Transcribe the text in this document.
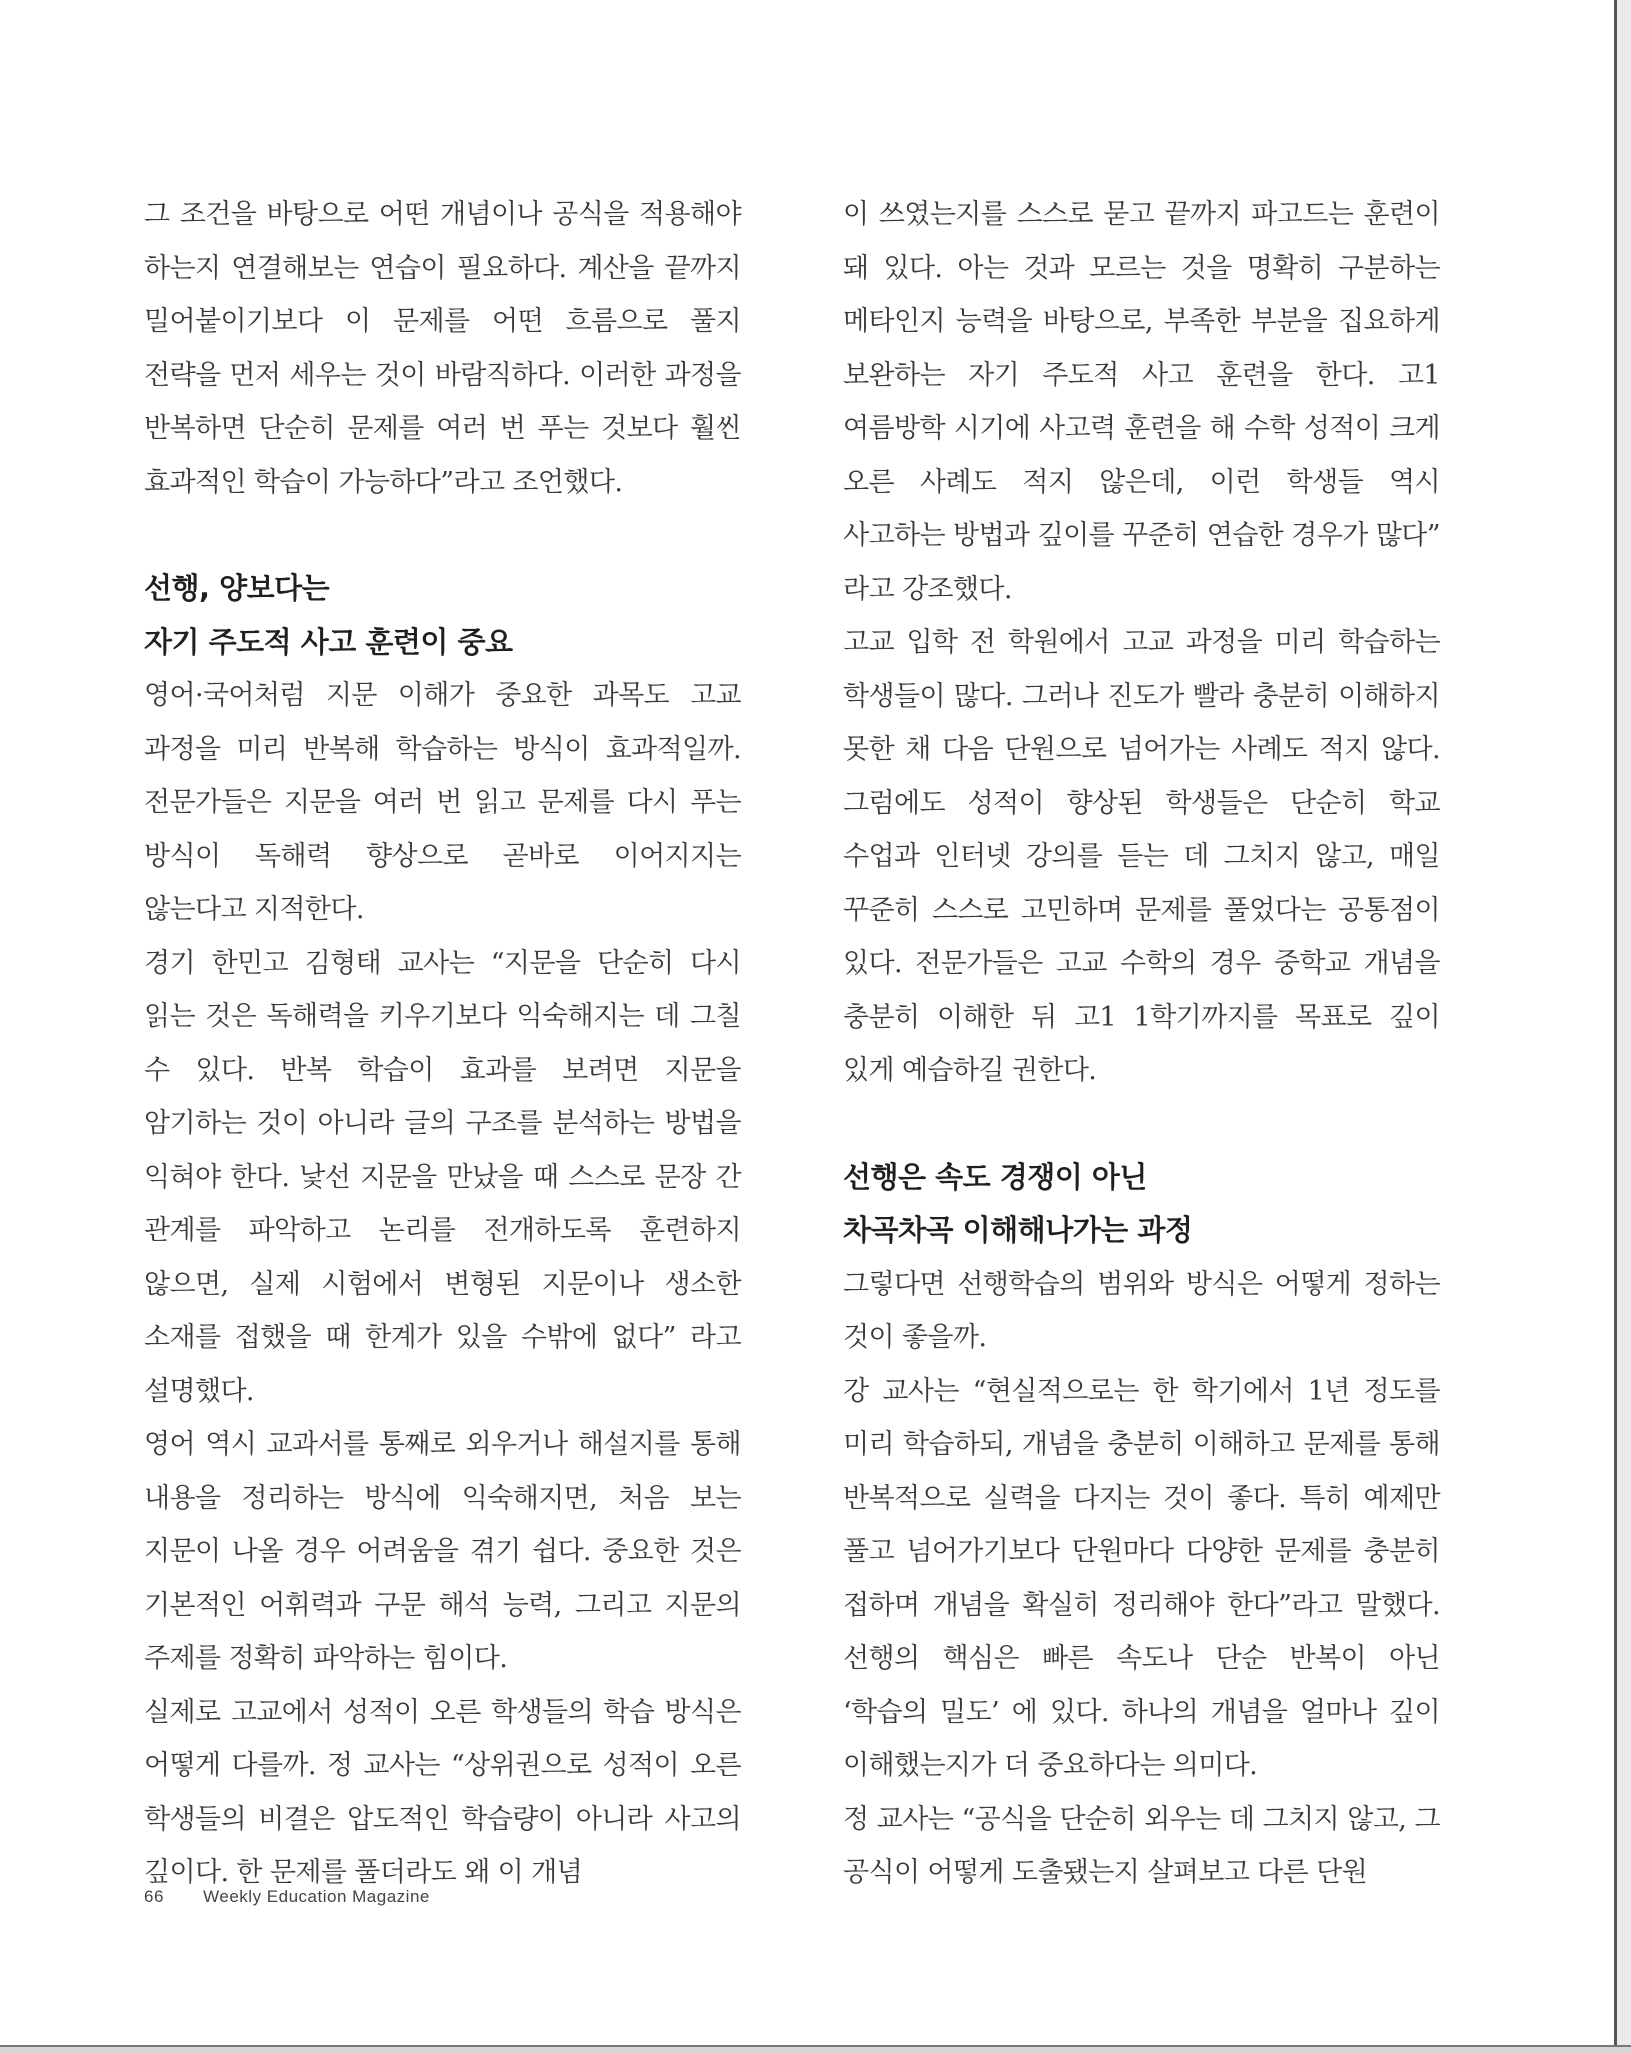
그 조건을 바탕으로 어떤 개념이나 공식을 적용해야 하는지 연결해보는 연습이 필요하다. 계산을 끝까지 밀어붙이기보다 이 문제를 어떤 흐름으로 풀지 전략을 먼저 세우는 것이 바람직하다. 이러한 과정을 반복하면 단순히 문제를 여러 번 푸는 것보다 훨씬 효과적인 학습이 가능하다”라고 조언했다.

선행, 양보다는
자기 주도적 사고 훈련이 중요

영어·국어처럼 지문 이해가 중요한 과목도 고교 과정을 미리 반복해 학습하는 방식이 효과적일까. 전문가들은 지문을 여러 번 읽고 문제를 다시 푸는 방식이 독해력 향상으로 곧바로 이어지지는 않는다고 지적한다.

경기 한민고 김형태 교사는 “지문을 단순히 다시 읽는 것은 독해력을 키우기보다 익숙해지는 데 그칠 수 있다. 반복 학습이 효과를 보려면 지문을 암기하는 것이 아니라 글의 구조를 분석하는 방법을 익혀야 한다. 낯선 지문을 만났을 때 스스로 문장 간 관계를 파악하고 논리를 전개하도록 훈련하지 않으면, 실제 시험에서 변형된 지문이나 생소한 소재를 접했을 때 한계가 있을 수밖에 없다” 라고 설명했다.

영어 역시 교과서를 통째로 외우거나 해설지를 통해 내용을 정리하는 방식에 익숙해지면, 처음 보는 지문이 나올 경우 어려움을 겪기 쉽다. 중요한 것은 기본적인 어휘력과 구문 해석 능력, 그리고 지문의 주제를 정확히 파악하는 힘이다.

실제로 고교에서 성적이 오른 학생들의 학습 방식은 어떻게 다를까. 정 교사는 “상위권으로 성적이 오른 학생들의 비결은 압도적인 학습량이 아니라 사고의 깊이다. 한 문제를 풀더라도 왜 이 개념

이 쓰였는지를 스스로 묻고 끝까지 파고드는 훈련이 돼 있다. 아는 것과 모르는 것을 명확히 구분하는 메타인지 능력을 바탕으로, 부족한 부분을 집요하게 보완하는 자기 주도적 사고 훈련을 한다. 고1 여름방학 시기에 사고력 훈련을 해 수학 성적이 크게 오른 사례도 적지 않은데, 이런 학생들 역시 사고하는 방법과 깊이를 꾸준히 연습한 경우가 많다” 라고 강조했다.

고교 입학 전 학원에서 고교 과정을 미리 학습하는 학생들이 많다. 그러나 진도가 빨라 충분히 이해하지 못한 채 다음 단원으로 넘어가는 사례도 적지 않다. 그럼에도 성적이 향상된 학생들은 단순히 학교 수업과 인터넷 강의를 듣는 데 그치지 않고, 매일 꾸준히 스스로 고민하며 문제를 풀었다는 공통점이 있다. 전문가들은 고교 수학의 경우 중학교 개념을 충분히 이해한 뒤 고1 1학기까지를 목표로 깊이 있게 예습하길 권한다.

선행은 속도 경쟁이 아닌
차곡차곡 이해해나가는 과정

그렇다면 선행학습의 범위와 방식은 어떻게 정하는 것이 좋을까.

강 교사는 “현실적으로는 한 학기에서 1년 정도를 미리 학습하되, 개념을 충분히 이해하고 문제를 통해 반복적으로 실력을 다지는 것이 좋다. 특히 예제만 풀고 넘어가기보다 단원마다 다양한 문제를 충분히 접하며 개념을 확실히 정리해야 한다”라고 말했다. 선행의 핵심은 빠른 속도나 단순 반복이 아닌 ‘학습의 밀도’ 에 있다. 하나의 개념을 얼마나 깊이 이해했는지가 더 중요하다는 의미다.

정 교사는 “공식을 단순히 외우는 데 그치지 않고, 그 공식이 어떻게 도출됐는지 살펴보고 다른 단원

66 Weekly Education Magazine
